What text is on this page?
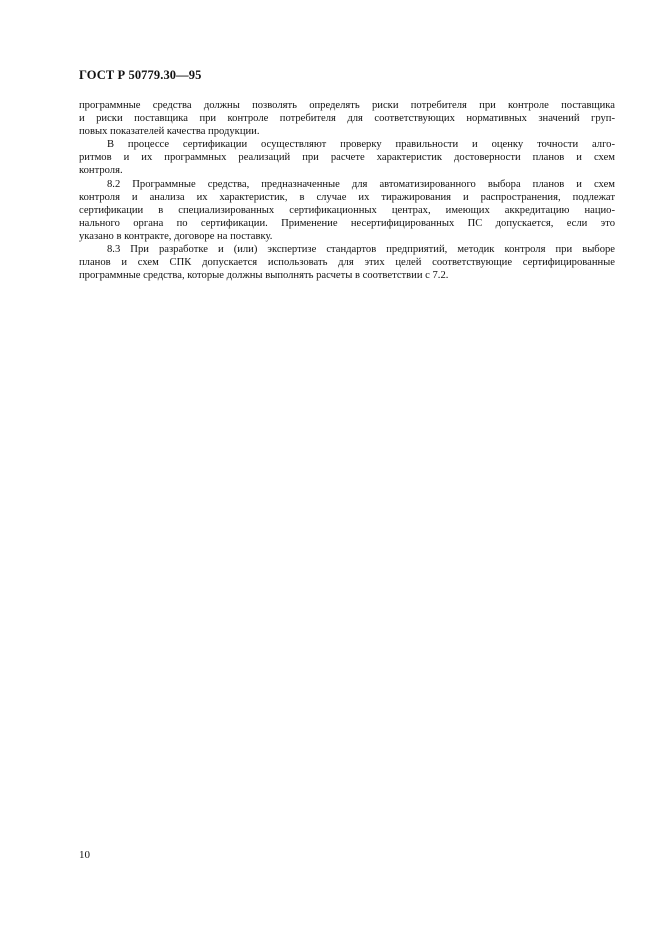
ГОСТ Р 50779.30—95
программные средства должны позволять определять риски потребителя при контроле поставщика
и риски поставщика при контроле потребителя для соответствующих нормативных значений груп-
повых показателей качества продукции.
В процессе сертификации осуществляют проверку правильности и оценку точности алго-
ритмов и их программных реализаций при расчете характеристик достоверности планов и схем
контроля.
8.2 Программные средства, предназначенные для автоматизированного выбора планов и схем
контроля и анализа их характеристик, в случае их тиражирования и распространения, подлежат
сертификации в специализированных сертификационных центрах, имеющих аккредитацию нацио-
нального органа по сертификации. Применение несертифицированных ПС допускается, если это
указано в контракте, договоре на поставку.
8.3 При разработке и (или) экспертизе стандартов предприятий, методик контроля при выборе
планов и схем СПК допускается использовать для этих целей соответствующие сертифицированные
программные средства, которые должны выполнять расчеты в соответствии с 7.2.
10
